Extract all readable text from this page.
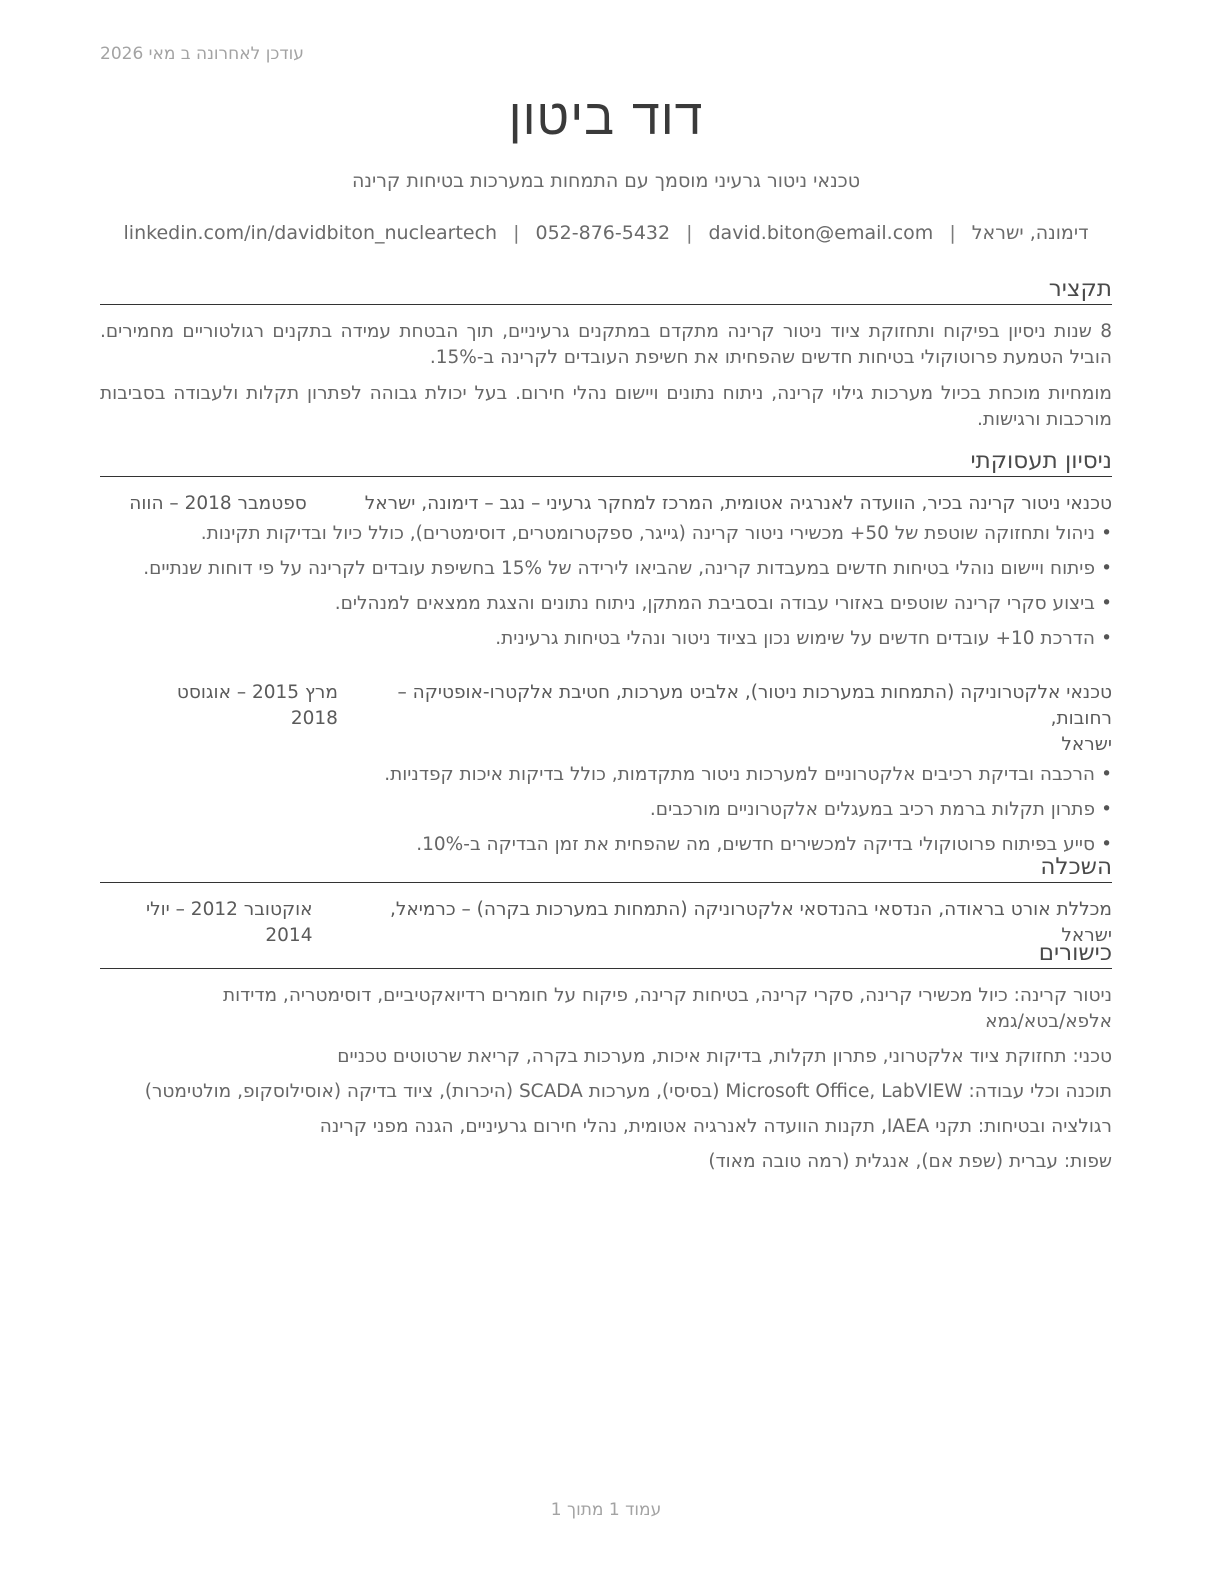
עודכן לאחרונה ב מאי 2026
דוד ביטון
טכנאי ניטור גרעיני מוסמך עם התמחות במערכות בטיחות קרינה
דימונה, ישראל|david.biton@email.com|052-876-5432|linkedin.com/in/davidbiton_nucleartech
תקציר

8 שנות ניסיון בפיקוח ותחזוקת ציוד ניטור קרינה מתקדם במתקנים גרעיניים, תוך הבטחת עמידה בתקנים רגולטוריים מחמירים. הוביל הטמעת פרוטוקולי בטיחות חדשים שהפחיתו את חשיפת העובדים לקרינה ב-15%.

מומחיות מוכחת בכיול מערכות גילוי קרינה, ניתוח נתונים ויישום נהלי חירום. בעל יכולת גבוהה לפתרון תקלות ולעבודה בסביבות מורכבות ורגישות.

ניסיון תעסוקתי
טכנאי ניטור קרינה בכיר, הוועדה לאנרגיה אטומית, המרכז למחקר גרעיני – נגב – דימונה, ישראל
ספטמבר 2018 – הווה
• ניהול ותחזוקה שוטפת של 50+ מכשירי ניטור קרינה (גייגר, ספקטרומטרים, דוסימטרים), כולל כיול ובדיקות תקינות.
• פיתוח ויישום נוהלי בטיחות חדשים במעבדות קרינה, שהביאו לירידה של 15% בחשיפת עובדים לקרינה על פי דוחות שנתיים.
• ביצוע סקרי קרינה שוטפים באזורי עבודה ובסביבת המתקן, ניתוח נתונים והצגת ממצאים למנהלים.
• הדרכת 10+ עובדים חדשים על שימוש נכון בציוד ניטור ונהלי בטיחות גרעינית.
טכנאי אלקטרוניקה (התמחות במערכות ניטור), אלביט מערכות, חטיבת אלקטרו-אופטיקה – רחובות,
מרץ 2015 – אוגוסט 2018
ישראל
• הרכבה ובדיקת רכיבים אלקטרוניים למערכות ניטור מתקדמות, כולל בדיקות איכות קפדניות.
• פתרון תקלות ברמת רכיב במעגלים אלקטרוניים מורכבים.
• סייע בפיתוח פרוטוקולי בדיקה למכשירים חדשים, מה שהפחית את זמן הבדיקה ב-10%.
השכלה
מכללת אורט בראודה, הנדסאי בהנדסאי אלקטרוניקה (התמחות במערכות בקרה) – כרמיאל, ישראל
אוקטובר 2012 – יולי 2014
כישורים
ניטור קרינה: כיול מכשירי קרינה, סקרי קרינה, בטיחות קרינה, פיקוח על חומרים רדיואקטיביים, דוסימטריה, מדידות אלפא/בטא/גמא
טכני: תחזוקת ציוד אלקטרוני, פתרון תקלות, בדיקות איכות, מערכות בקרה, קריאת שרטוטים טכניים
תוכנה וכלי עבודה: Microsoft Office, LabVIEW (בסיסי), מערכות SCADA (היכרות), ציוד בדיקה (אוסילוסקופ, מולטימטר)
רגולציה ובטיחות: תקני IAEA, תקנות הוועדה לאנרגיה אטומית, נהלי חירום גרעיניים, הגנה מפני קרינה
שפות: עברית (שפת אם), אנגלית (רמה טובה מאוד)
עמוד 1 מתוך 1
